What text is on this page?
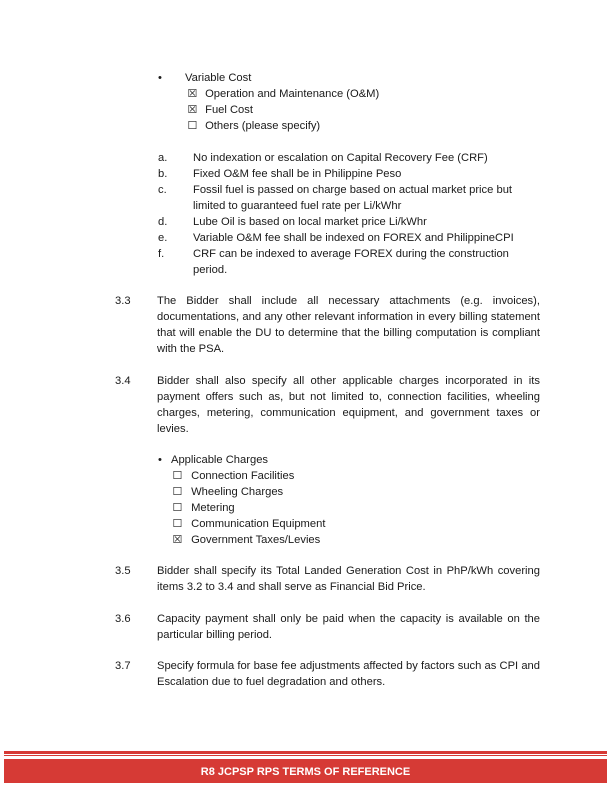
• Variable Cost
☒ Operation and Maintenance (O&M)
☒ Fuel Cost
☐ Others (please specify)
a. No indexation or escalation on Capital Recovery Fee (CRF)
b. Fixed O&M fee shall be in Philippine Peso
c. Fossil fuel is passed on charge based on actual market price but
limited to guaranteed fuel rate per Li/kWhr
d. Lube Oil is based on local market price Li/kWhr
e. Variable O&M fee shall be indexed on FOREX and PhilippineCPI
f.	CRF can be indexed to average FOREX during the construction
period.
3.3 The Bidder shall include all necessary attachments (e.g. invoices), documentations, and any other relevant information in every billing statement that will enable the DU to determine that the billing computation is compliant with the PSA.
3.4 Bidder shall also specify all other applicable charges incorporated in its payment offers such as, but not limited to, connection facilities, wheeling charges, metering, communication equipment, and government taxes or levies.
• Applicable Charges
☐ Connection Facilities
☐ Wheeling Charges
☐ Metering
☐ Communication Equipment
☒ Government Taxes/Levies
3.5 Bidder shall specify its Total Landed Generation Cost in PhP/kWh covering items 3.2 to 3.4 and shall serve as Financial Bid Price.
3.6 Capacity payment shall only be paid when the capacity is available on the particular billing period.
3.7 Specify formula for base fee adjustments affected by factors such as CPI and Escalation due to fuel degradation and others.
R8 JCPSP RPS TERMS OF REFERENCE
